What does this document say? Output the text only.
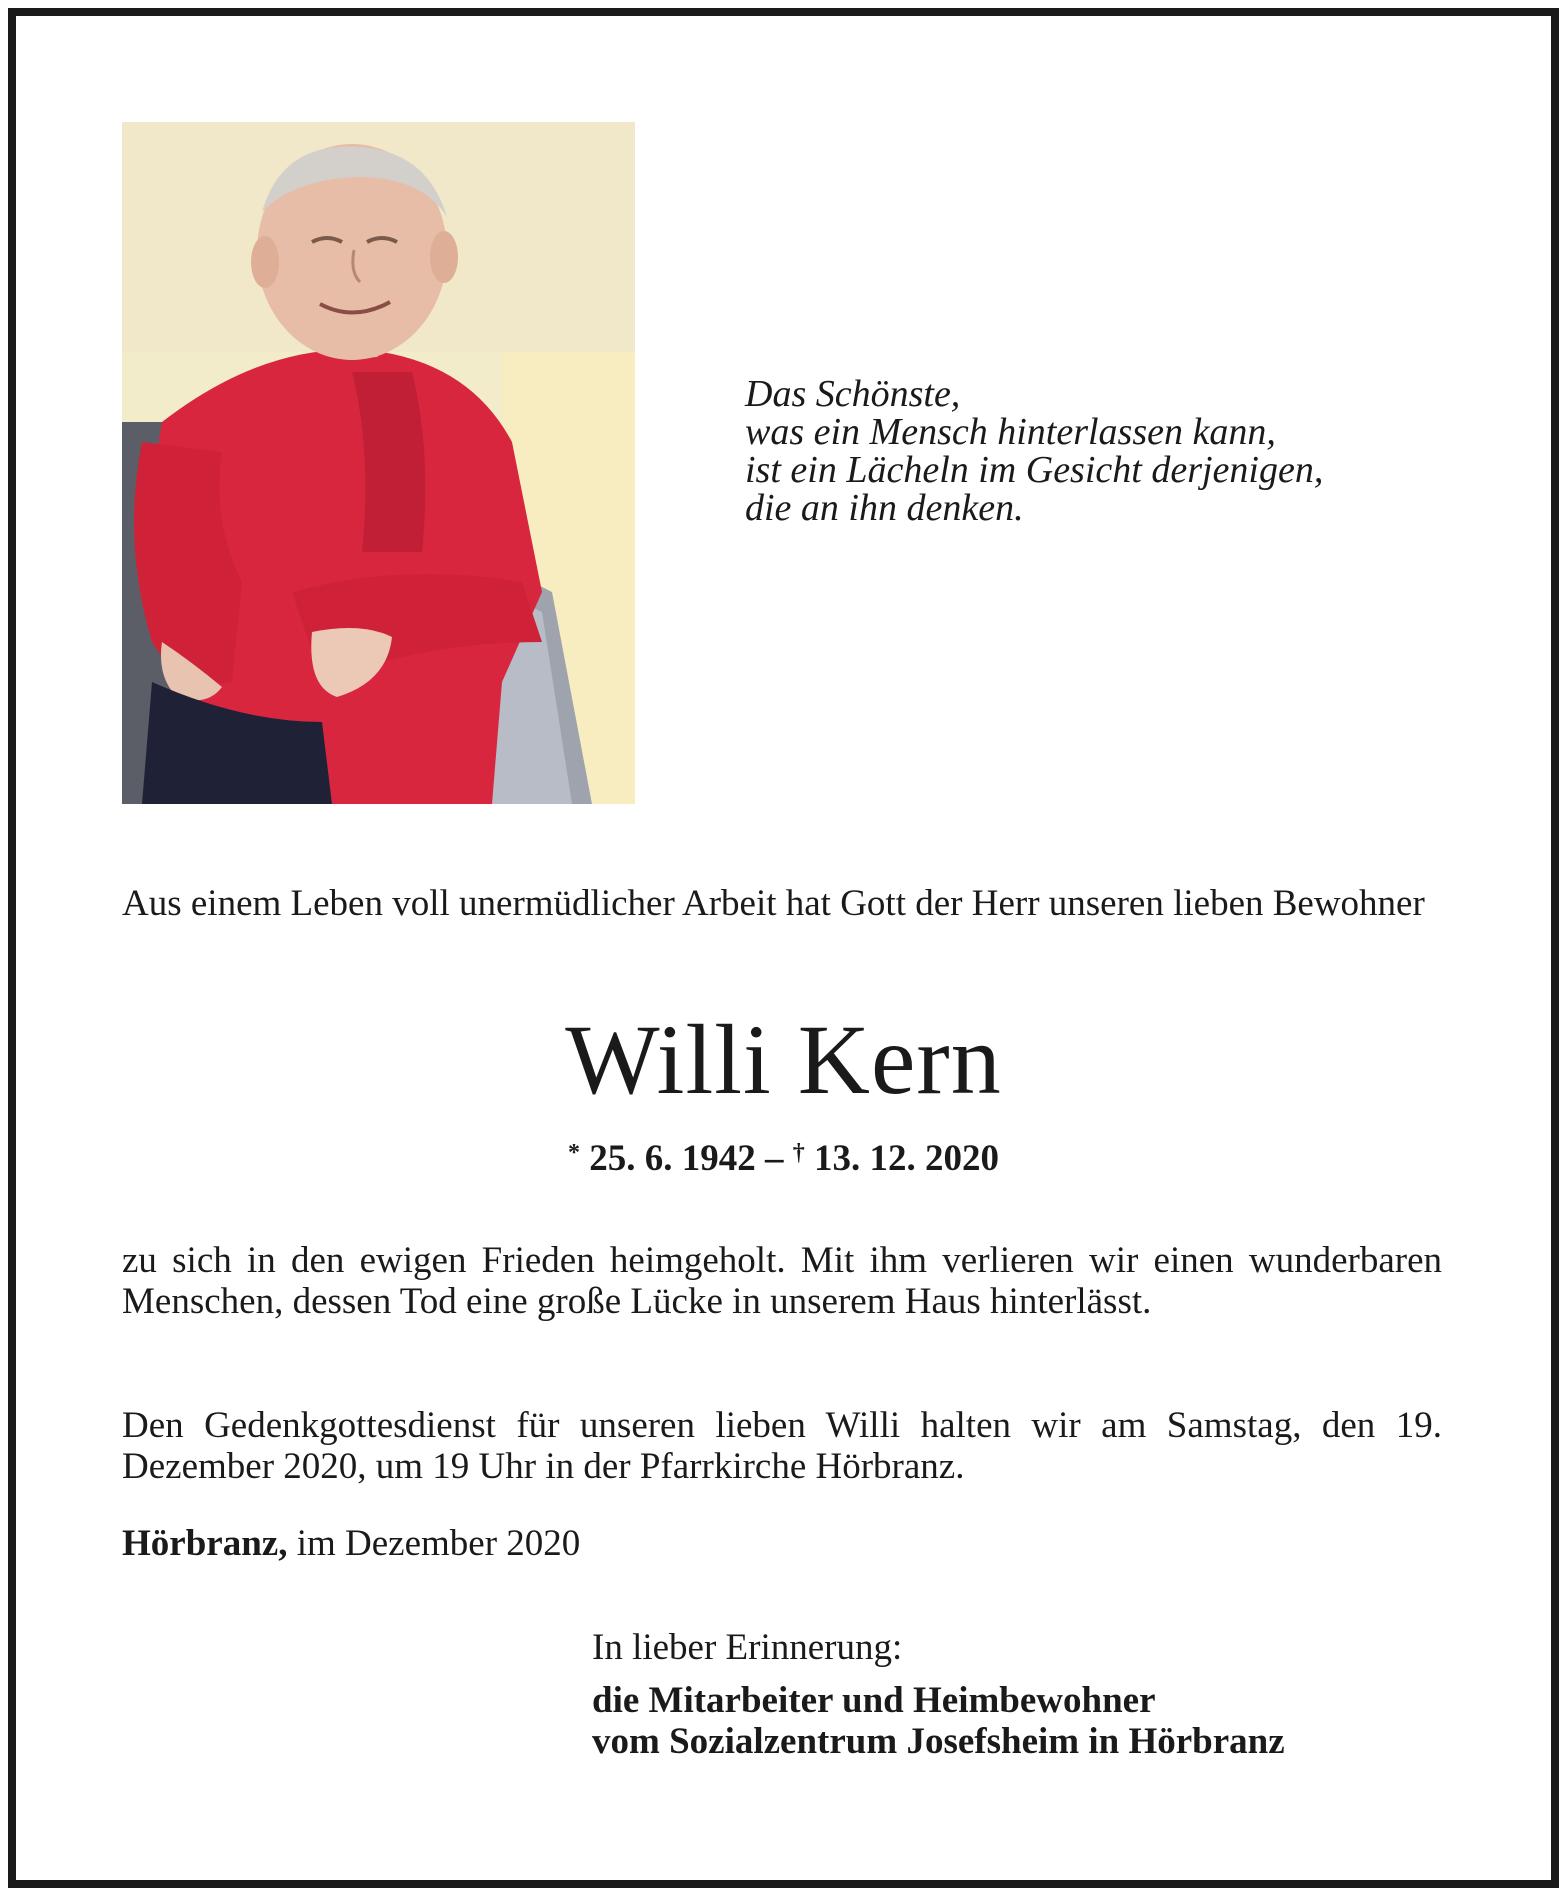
Das Schönste,
was ein Mensch hinterlassen kann,
ist ein Lächeln im Gesicht derjenigen,
die an ihn denken.
Aus einem Leben voll unermüdlicher Arbeit hat Gott der Herr unseren lieben Bewohner
Willi Kern
* 25. 6. 1942 – † 13. 12. 2020
zu sich in den ewigen Frieden heimgeholt. Mit ihm verlieren wir einen wunderbaren Menschen, dessen Tod eine große Lücke in unserem Haus hinterlässt.
Den Gedenkgottesdienst für unseren lieben Willi halten wir am Samstag, den 19. Dezember 2020, um 19 Uhr in der Pfarrkirche Hörbranz.
Hörbranz, im Dezember 2020
In lieber Erinnerung:
die Mitarbeiter und Heimbewohner
vom Sozialzentrum Josefsheim in Hörbranz
